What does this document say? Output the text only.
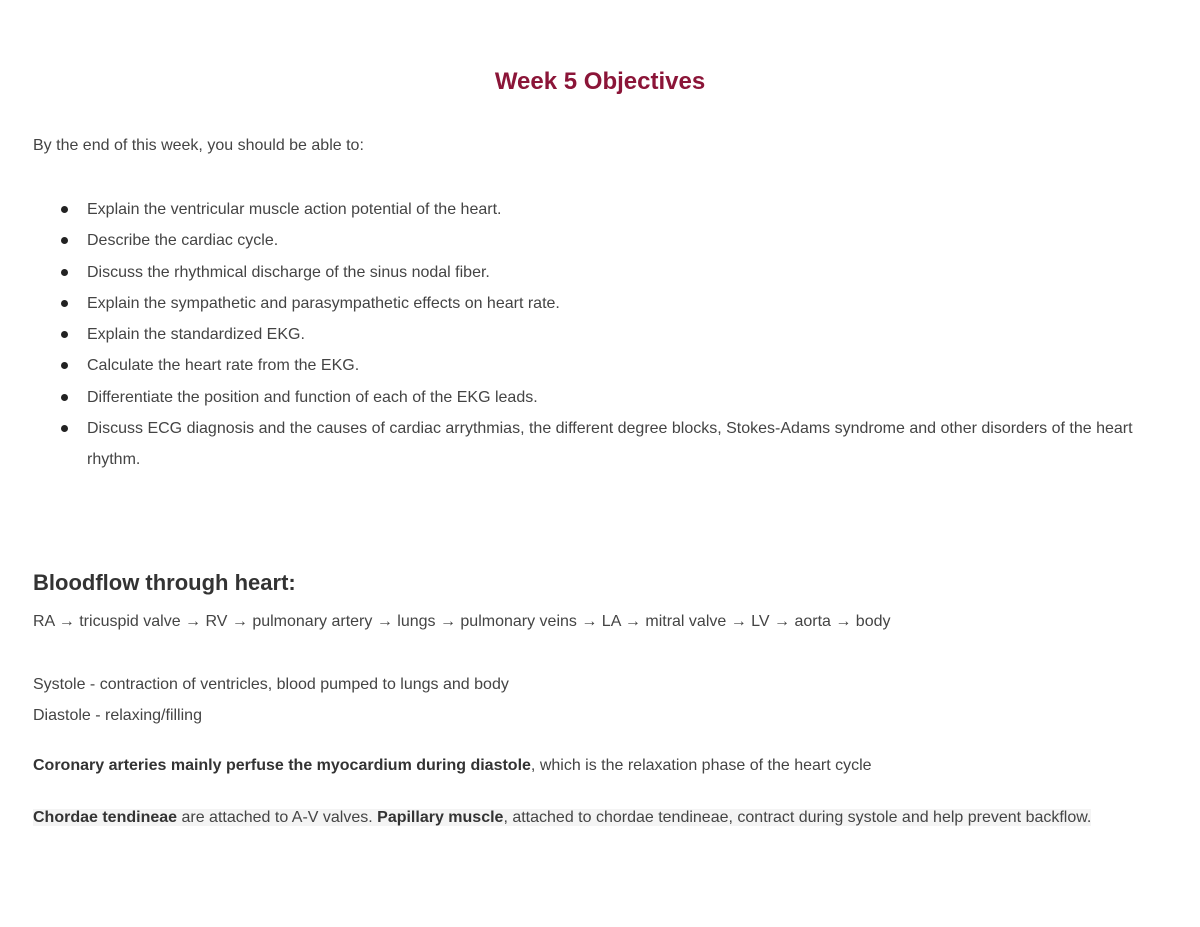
Week 5 Objectives

By the end of this week, you should be able to:

Explain the ventricular muscle action potential of the heart.
Describe the cardiac cycle.
Discuss the rhythmical discharge of the sinus nodal fiber.
Explain the sympathetic and parasympathetic effects on heart rate.
Explain the standardized EKG.
Calculate the heart rate from the EKG.
Differentiate the position and function of each of the EKG leads.
Discuss ECG diagnosis and the causes of cardiac arrythmias, the different degree blocks, Stokes-Adams syndrome and other disorders of the heart rhythm.
Bloodflow through heart:

RA → tricuspid valve → RV → pulmonary artery → lungs → pulmonary veins → LA → mitral valve → LV → aorta → body

Systole - contraction of ventricles, blood pumped to lungs and body

Diastole - relaxing/filling

Coronary arteries mainly perfuse the myocardium during diastole, which is the relaxation phase of the heart cycle

Chordae tendineae are attached to A-V valves. Papillary muscle, attached to chordae tendineae, contract during systole and help prevent backflow.
